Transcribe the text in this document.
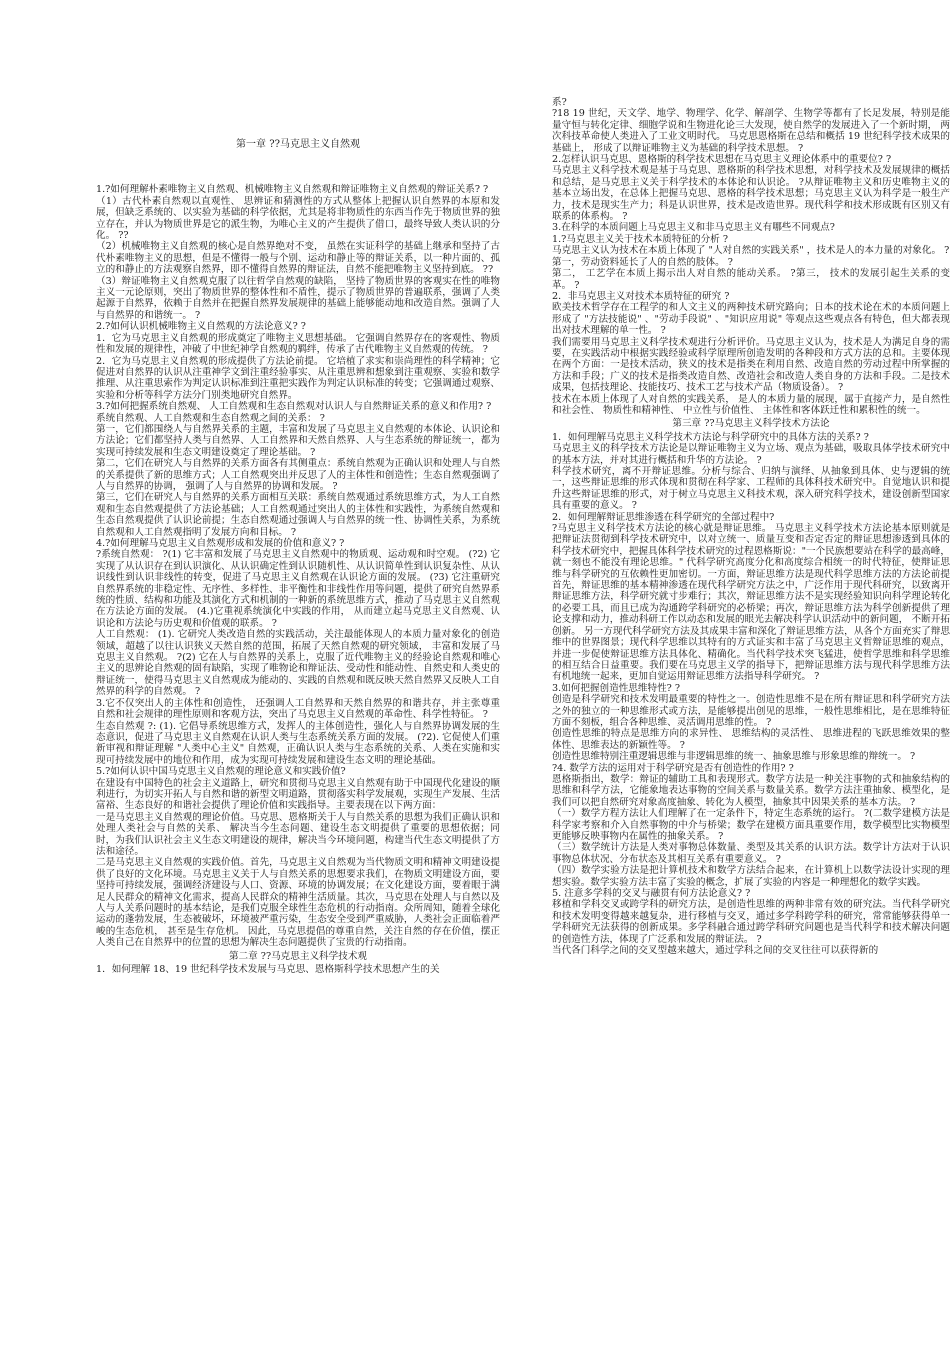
第一章 ??马克思主义自然观

1.?如何理解朴素唯物主义自然观、机械唯物主义自然观和辩证唯物主义自然观的辩证关系? ?

（1）古代朴素自然观以直观性、 思辨证和猜测性的方式从整体上把握认识自然界的本原和发展，但缺乏系统的、以实验为基础的科学依据，尤其是将非物质性的东西当作先于物质世界的独立存在，并认为物质世界是它的派生物，为唯心主义的产生提供了借口，最终导致人类认识的分化。 ??

（2）机械唯物主义自然观的核心是自然界绝对不变， 虽然在实证科学的基础上继承和坚持了古代朴素唯物主义的思想，但是不懂得一般与个别、运动和静止等的辩证关系，以一种片面的、孤立的和静止的方法观察自然界，即不懂得自然界的辩证法，自然不能把唯物主义坚持到底。 ??

（3）辩证唯物主义自然观克服了以往哲学自然观的缺陷， 坚持了物质世界的客观实在性的唯物主义一元论原则，突出了物质世界的整体性和不盾性，提示了物质世界的普遍联系，强调了人类起源于自然界，依赖于自然并在把握自然界发展规律的基础上能够能动地和改造自然。强调了人与自然界的和谐统一。 ?

2.?如何认识机械唯物主义自然观的方法论意义? ?

1．它为马克思主义自然观的形成奠定了唯物主义思想基础。 它强调自然界存在的客观性、物质性和发展的规律性，冲破了中世纪神学自然观的羁绊，传承了古代唯物主义自然观的传统。 ?

2．它为马克思主义自然观的形成提供了方法论前提。 它培植了求实和崇尚理性的科学精神；它促进对自然界的认识从注重神学文到注重经验事实、从注重思辨和想象到注重观察、实验和数学推理、从注重思索作为判定认识标准到注重把实践作为判定认识标准的转变；它强调通过观察、实验和分析等科学方法分门别类地研究自然界。

3.?如何把握系统自然观、 人工自然观和生态自然观对认识人与自然辩证关系的意义和作用? ?

系统自然观、人工自然观和生态自然观之间的关系： ?

第一，它们都围绕人与自然界关系的主题，丰富和发展了马克思主义自然观的本体论、认识论和方法论；它们都坚持人类与自然界、人工自然界和天然自然界、人与生态系统的辩证统一，都为实现可持续发展和生态文明建设奠定了理论基础。 ?

第二，它们在研究人与自然界的关系方面各有其侧重点：系统自然观为正确认识和处理人与自然的关系提供了新的思维方式；人工自然观突出并反思了人的主体性和创造性；生态自然观强调了人与自然界的协调， 强调了人与自然界的协调和发展。 ?

第三，它们在研究人与自然界的关系方面相互关联：系统自然观通过系统思维方式，为人工自然观和生态自然观提供了方法论基础；人工自然观通过突出人的主体性和实践性，为系统自然观和生态自然观提供了认识论前提；生态自然观通过强调人与自然界的统一性、协调性关系，为系统自然观和人工自然观指明了发展方向和目标。 ?

4.?如何理解马克思主义自然观形成和发展的价值和意义? ?

?系统自然观： ?(1) 它丰富和发展了马克思主义自然观中的物质观、运动观和时空观。 (?2) 它实现了从认识存在到认识演化、从认识确定性到认识随机性、从认识简单性到认识复杂性、从认识线性到认识非线性的转变，促进了马克思主义自然观在认识论方面的发展。 (?3) 它注重研究自然界系统的非稳定性、无序性、多样性、非平衡性和非线性作用等问题，提供了研究自然界系统的性质、结构和功能及其演化方式和机制的一种新的系统思维方式，推动了马克思主义自然观在方法论方面的发展。 (4.)它重视系统演化中实践的作用， 从而建立起马克思主义自然观、认识论和方法论与历史观和价值观的联系。 ?

人工自然观： (1). 它研究人类改造自然的实践活动，关注最能体现人的本质力量对象化的创造领域，超越了以往认识狭义天然自然的范围，拓展了天然自然观的研究领域， 丰富和发展了马克思主义自然观。 ?(2) 它在人与自然界的关系上，克服了近代唯物主义的经验论自然观和唯心主义的思辨论自然观的固有缺陷，实现了唯物论和辩证法、受动性和能动性、自然史和人类史的辩证统一，使得马克思主义自然观成为能动的、实践的自然观和既反映天然自然界又反映人工自然界的科学的自然观。 ?

3.它不仅突出人的主体性和创造性， 还强调人工自然界和天然自然界的和谐共存，并主张尊重自然和社会规律的理性原则和客观方法，突出了马克思主义自然观的革命性、科学性特征。 ?

生态自然观 ?: (1). 它倡导系统思维方式，发挥人的主体创造性，强化人与自然界协调发展的生态意识，促进了马克思主义自然观在认识人类与生态系统关系方面的发展。 (?2). 它促使人们重新审视和辩证理解 "人类中心主义" 自然观，正确认识人类与生态系统的关系、人类在实施和实现可持续发展中的地位和作用，成为实现可持续发展和建设生态文明的理论基础。

5.?如何认识中国马克思主义自然观的理论意义和实践价值?

在建设有中国特色的社会主义道路上，研究和贯彻马克思主义自然观有助于中国现代化建设的顺利进行，为切实开拓人与自然和谐的新型文明道路，贯彻落实科学发展观，实现生产发展、生活富裕、生态良好的和谐社会提供了理论价值和实践指导。主要表现在以下两方面：

一是马克思主义自然观的理论价值。马克思、恩格斯关于人与自然关系的思想为我们正确认识和处理人类社会与自然的关系、 解决当今生态问题、建设生态文明提供了重要的思想依据；同时，为我们认识社会主义生态文明建设的规律，解决当今环境问题，构建当代生态文明提供了方法和途径。

二是马克思主义自然观的实践价值。首先，马克思主义自然观为当代物质文明和精神文明建设提供了良好的文化环境。马克思主义关于人与自然关系的思想要求我们，在物质文明建设方面，要坚持可持续发展，强调经济建设与人口、资源、环境的协调发展；在文化建设方面，要着眼于满足人民群众的精神文化需求，提高人民群众的精神生活质量。其次，马克思在处理人与自然以及人与人关系问题时的基本结论，是我们克服全球性生态危机的行动指南。众所周知，随着全球化运动的蓬勃发展，生态被破坏，环境被严重污染，生态安全受到严重威胁，人类社会正面临着严峻的生态危机， 甚至是生存危机。 因此，马克思提倡的尊重自然，关注自然的存在价值，摆正人类自己在自然界中的位置的思想为解决生态问题提供了宝贵的行动指南。

第二章 ??马克思主义科学技术观

1．如何理解 18、19 世纪科学技术发展与马克思、恩格斯科学技术思想产生的关

系?

?18 19 世纪，天文学、地学、物理学、化学、解剖学、生物学等都有了长足发展，特别是能量守恒与转化定律、细胞学说和生物进化论三大发现，使自然学的发展进入了一个新时期， 两次科技革命使人类进入了工业文明时代。 马克思恩格斯在总结和概括 19 世纪科学技术成果的基础上， 形成了以辩证唯物主义为基础的科学技术思想。 ?

2.怎样认识马克思、恩格斯的科学技术思想在马克思主义理论体系中的重要位? ?

马克思主义科学技术观是基于马克思、恩格斯的科学技术思想，对科学技术及发展规律的概括和总结，是马克思主义关于科学技术的本体论和认识论。 ?从辩证唯物主义和历史唯物主义的基本立场出发，在总体上把握马克思、恩格的科学技术思想；马克思主义认为科学是一般生产力，技术是现实生产力；科是认识世界，技术是改造世界。现代科学和技术形成既有区别又有联系的体系构。 ?

3.在科学的本质问题上马克思主义和非马克思主义有哪些不同观点?

1.?马克思主义关于技术本质特征的分析 ?

马克思主义认为技术在本质上体现了 "人对自然的实践关系" ，技术是人的本力量的对象化。 ?

第一，劳动资料延长了人的自然的肢体。 ?

第二， 工艺学在本质上揭示出人对自然的能动关系。 ?第三， 技术的发展引起生关系的变革。 ?

2．非马克思主义对技术本质特征的研究 ?

欧美技术哲学存在工程学的和人文主义的两种技术研究路向；日本的技术论在术的本质问题上形成了 "方法技能说" 、"劳动手段说" 、"知识应用说" 等观点这些观点各有特色，但大都表现出对技术理解的单一性。 ?

我们需要用马克思主义科学技术观进行分析评价。马克思主义认为，技术是人为满足自身的需要，在实践活动中根据实践经验或科学原理所创造发明的各种段和方式方法的总和。主要体现在两个方面：一是技术活动，狭义的技术是指类在利用自然、改造自然的劳动过程中所掌握的方法和手段；广义的技术是指类改造自然、改造社会和改造人类自身的方法和手段。二是技术成果，包括技理论、技能技巧、技术工艺与技术产品（物质设备）。 ?

技术在本质上体现了人对自然的实践关系， 是人的本质力量的展现，属于直接产力，是自然性和社会性、 物质性和精神性、 中立性与价值性、 主体性和客体跃迁性和累积性的统一。

第三章 ??马克思主义科学技术方法论

1．如何理解马克思主义科学技术方法论与科学研究中的具体方法的关系? ?

马克思主义的科学技术方法论是以辩证唯物主义为立场、观点为基础，吸取具体学技术研究中的基本方法，并对其进行概括和升华的方法论。 ?

科学技术研究，离不开辩证思维。分析与综合、归纳与演绎、从抽象到具体、史与逻辑的统一，这些辩证思维的形式体现和贯彻在科学家、工程师的具体科技术研究中。自觉地认识和提升这些辩证思维的形式，对于树立马克思主义科技术观，深入研究科学技术，建设创新型国家具有重要的意义。 ?

2．如何理解辩证思维渗透在科学研究的全部过程中?

?马克思主义科学技术方法论的核心就是辩证思维。 马克思主义科学技术方法论基本原则就是把辩证法贯彻到科学技术研究中，以对立统一、质量互变和否定否定的辩证思想渗透到具体的科学技术研究中，把握具体科学技术研究的过程恩格斯说："一个民族想要站在科学的最高峰，就一刻也不能没有理论思维。" 代科学研究高度分化和高度综合相统一的时代特征，使辩证思维与科学研究的互依赖性更加密切。一方面，辩证思维方法是现代科学思维方法的方法论前提首先，辩证思维的基本精神渗透在现代科学研究方法之中，广泛作用于现代科研究，以致离开辩证思维方法，科学研究就寸步难行；其次，辩证思维方法不是实现经验知识向科学理论转化的必要工具，而且已成为沟通跨学科研究的必桥梁；再次，辩证思维方法为科学创新提供了理论支撑和动力，推动科研工作以动态和发展的眼光去解决科学认识活动中的新问题， 不断开拓创新。 另一方现代科学研究方法及其成果丰富和深化了辩证思维方法，从各个方面充实了辩思维中的世界图景；现代科学思维以其特有的方式证实和丰富了马克思主义哲辩证思维的观点，并进一步促使辩证思维方法具体化、精确化。当代科学技术突飞猛进，使哲学思维和科学思维的相互结合日益重要。我们要在马克思主义学的指导下，把辩证思维方法与现代科学思维方法有机地统一起来，更加自觉运用辩证思维方法指导科学研究。 ?

3.如何把握创造性思维特性? ?

创造是科学研究和技术发明最重要的特性之一。创造性思维不是在所有辩证思和科学研究方法之外的独立的一种思维形式或方法，是能够提出创见的思维，一般性思维相比，是在思维特征方面不刻板，组合各种思维、灵活调用思维的性。 ?

创造性思维的特点是思维方向的求异性、 思维结构的灵活性、 思维进程的飞跃思维效果的整体性、思维表达的新颖性等。 ?

创造性思维特别注重逻辑思维与非逻辑思维的统一、抽象思维与形象思维的辩统一。 ?

?4. 数学方法的运用对于科学研究是否有创造性的作用? ?

恩格斯指出，数学：辩证的辅助工具和表现形式。数学方法是一种关注事物的式和抽象结构的思维和科学方法，它能象地表达事物的空间关系与数量关系。数学方法注重抽象、模型化，是我们可以把自然研究对象高度抽象、转化为人模型，抽象其中因果关系的基本方法。 ?

（一）数学方程方法让人们理解了在一定条件下，特定生态系统的运行。 ?(二数学建模方法是科学家考察和介入自然事物的中介与桥梁；数学在建模方面具重要作用，数学模型比实物模型更能够反映事物内在属性的抽象关系。 ?

（三）数学统计方法是人类对事物总体数量、类型及其关系的认识方法。数学计方法对于认识事物总体状况、分布状态及其相互关系有重要意义。 ?

（四）数学实验方法是把计算机技术和数学方法结合起来，在计算机上以数学法设计实现的理想实验。数学实验方法丰富了实验的概念，扩展了实验的内容是一种理想化的数学实践。

5. 注意多学科的交叉与融贯有何方法论意义? ?

移植和学科交叉或跨学科的研究方法，是创造性思维的两种非常有效的研究法。当代科学研究和技术发明变得越来越复杂，进行移植与交叉，通过多学科跨学科的研究，常常能够获得单一学科研究无法获得的创新成果。多学科融合通过跨学科研究问题也是当代科学和技术解决问题的创造性方法，体现了广泛系和发展的辩证法。 ?

当代各门科学之间的交叉型越来越大，通过学科之间的交叉往往可以获得新的
